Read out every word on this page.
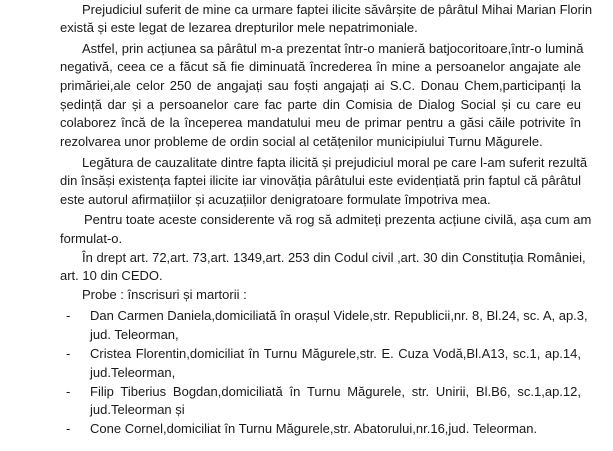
Prejudiciul suferit de mine ca urmare faptei ilicite săvârșite de pârâtul Mihai Marian Florin
există și este legat de lezarea drepturilor mele nepatrimoniale.
Astfel, prin acțiunea sa pârâtul m-a prezentat într-o manieră batjocoritoare,într-o lumină
negativă, ceea ce a făcut să fie diminuată încrederea în mine a persoanelor angajate ale
primăriei,ale celor 250 de angajați sau foști angajați ai S.C. Donau Chem,participanți la
ședință dar și a persoanelor care fac parte din Comisia de Dialog Social și cu care eu
colaborez încă de la începerea mandatului meu de primar pentru a găsi căile potrivite în
rezolvarea unor probleme de ordin social al cetățenilor municipiului Turnu Măgurele.
Legătura de cauzalitate dintre fapta ilicită și prejudiciul moral pe care l-am suferit rezultă
din însăși existența faptei ilicite iar vinovăția pârâtului este evidențiată prin faptul că pârâtul
este autorul afirmațiilor și acuzațiilor denigratoare formulate împotriva mea.
Pentru toate aceste considerente vă rog să admiteți prezenta acțiune civilă, așa cum am
formulat-o.
În drept art. 72,art. 73,art. 1349,art. 253 din Codul civil ,art. 30 din Constituția României,
art. 10 din CEDO.
Probe : înscrisuri și martorii :
- Dan Carmen Daniela,domiciliată în orașul Videle,str. Republicii,nr. 8, Bl.24, sc. A, ap.3,
jud. Teleorman,
- Cristea Florentin,domiciliat în Turnu Măgurele,str. E. Cuza Vodă,Bl.A13, sc.1, ap.14,
jud.Teleorman,
- Filip Tiberius Bogdan,domiciliată în Turnu Măgurele, str. Unirii, Bl.B6, sc.1,ap.12,
jud.Teleorman și
- Cone Cornel,domiciliat în Turnu Măgurele,str. Abatorului,nr.16,jud. Teleorman.
